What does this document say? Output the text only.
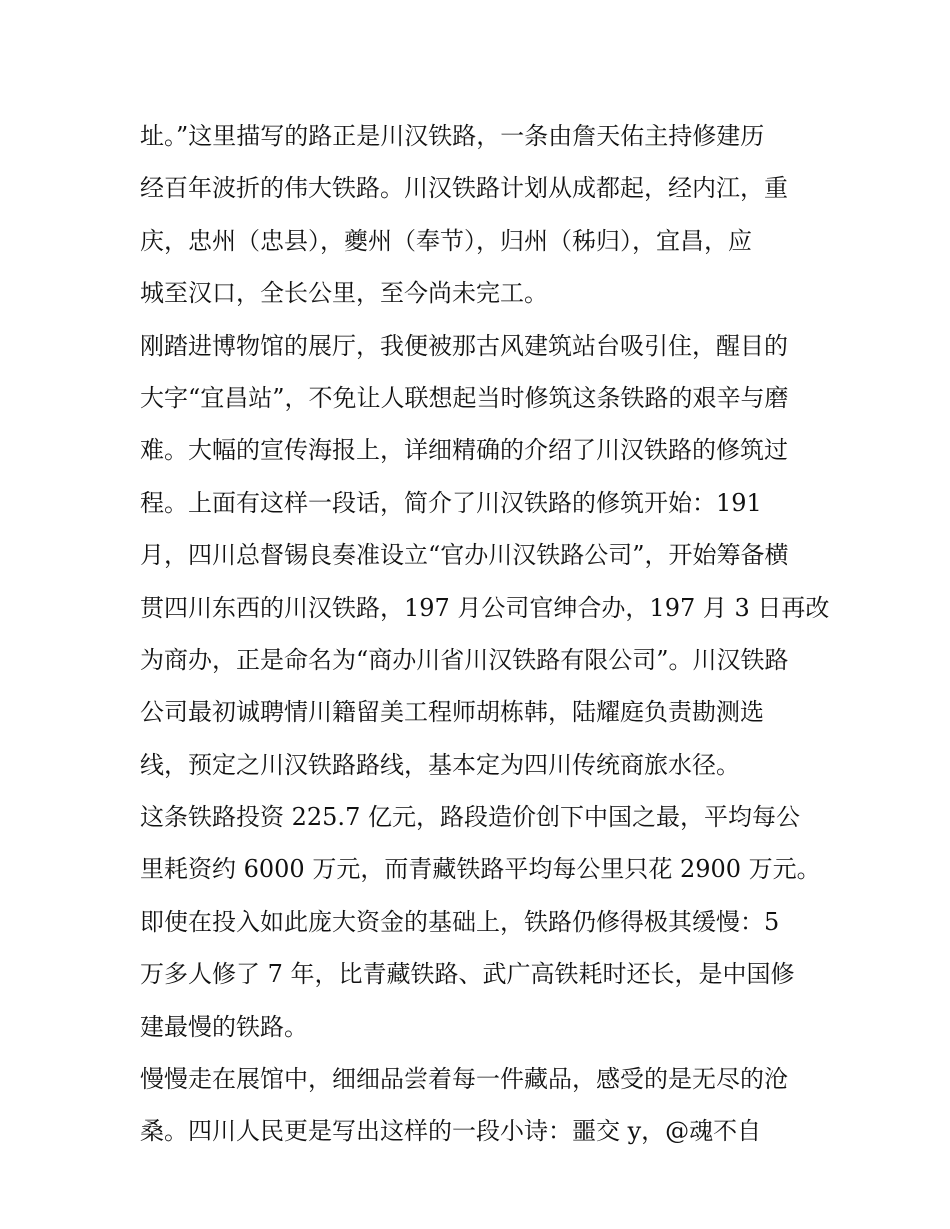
址。”这里描写的路正是川汉铁路，一条由詹天佑主持修建历
经百年波折的伟大铁路。川汉铁路计划从成都起，经内江，重
庆，忠州（忠县），夔州（奉节），归州（秭归），宜昌，应
城至汉口，全长公里，至今尚未完工。
刚踏进博物馆的展厅，我便被那古风建筑站台吸引住，醒目的
大字“宜昌站”，不免让人联想起当时修筑这条铁路的艰辛与磨
难。大幅的宣传海报上，详细精确的介绍了川汉铁路的修筑过
程。上面有这样一段话，简介了川汉铁路的修筑开始：191
月，四川总督锡良奏准设立“官办川汉铁路公司”，开始筹备横
贯四川东西的川汉铁路，197 月公司官绅合办，197 月 3 日再改
为商办，正是命名为“商办川省川汉铁路有限公司”。川汉铁路
公司最初诚聘情川籍留美工程师胡栋韩，陆耀庭负责勘测选
线，预定之川汉铁路路线，基本定为四川传统商旅水径。
这条铁路投资 225.7 亿元，路段造价创下中国之最，平均每公
里耗资约 6000 万元，而青藏铁路平均每公里只花 2900 万元。
即使在投入如此庞大资金的基础上，铁路仍修得极其缓慢：5
万多人修了 7 年，比青藏铁路、武广高铁耗时还长，是中国修
建最慢的铁路。
慢慢走在展馆中，细细品尝着每一件藏品，感受的是无尽的沧
桑。四川人民更是写出这样的一段小诗：噩交 y，@魂不自
